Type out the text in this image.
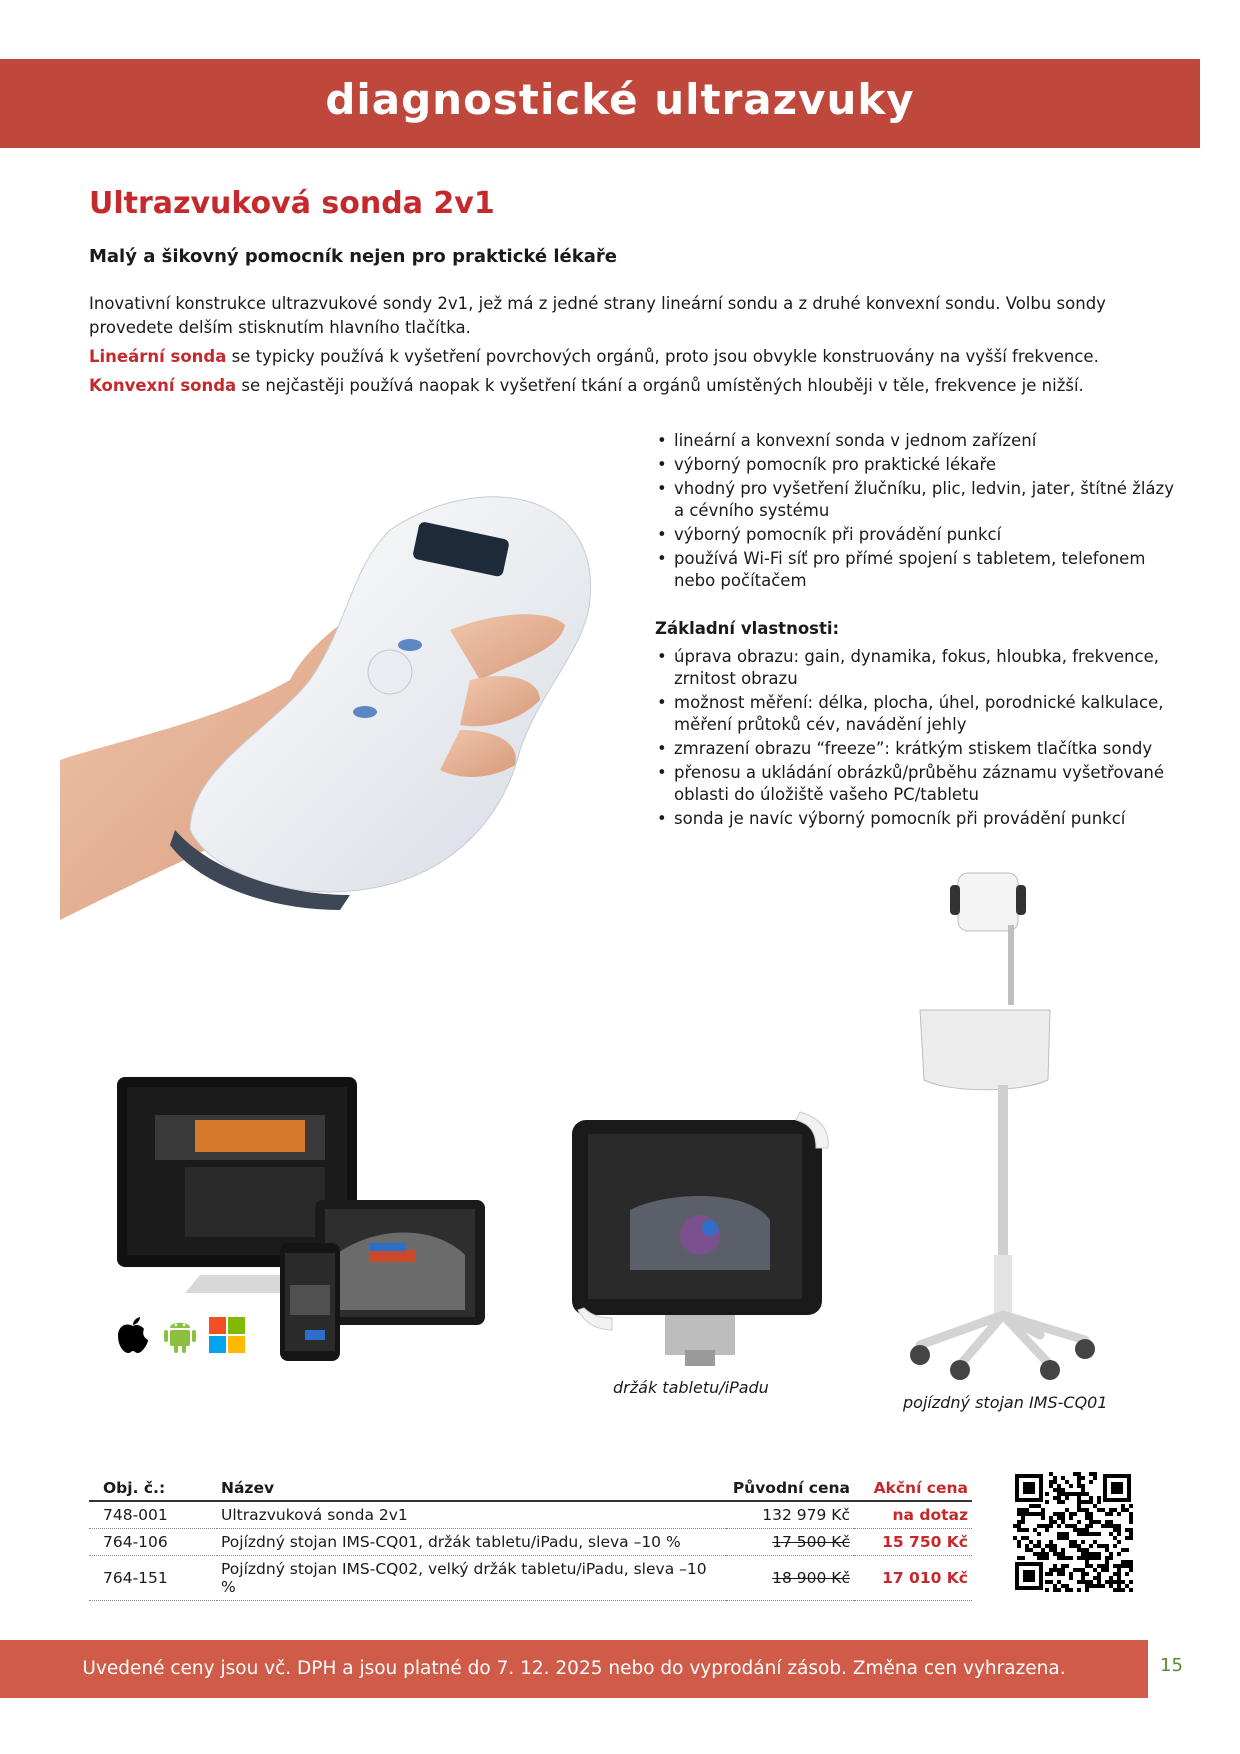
diagnostické ultrazvuky
Ultrazvuková sonda 2v1
Malý a šikovný pomocník nejen pro praktické lékaře

Inovativní konstrukce ultrazvukové sondy 2v1, jež má z jedné strany lineární sondu a z druhé konvexní sondu. Volbu sondy provedete delším stisknutím hlavního tlačítka.

Lineární sonda se typicky používá k vyšetření povrchových orgánů, proto jsou obvykle konstruovány na vyšší frekvence.

Konvexní sonda se nejčastěji používá naopak k vyšetření tkání a orgánů umístěných hlouběji v těle, frekvence je nižší.

• lineární a konvexní sonda v jednom zařízení
• výborný pomocník pro praktické lékaře
• vhodný pro vyšetření žlučníku, plic, ledvin, jater, štítné žlázy a cévního systému
• výborný pomocník při provádění punkcí
• používá Wi-Fi síť pro přímé spojení s tabletem, telefonem nebo počítačem
Základní vlastnosti:
• úprava obrazu: gain, dynamika, fokus, hloubka, frekvence, zrnitost obrazu
• možnost měření: délka, plocha, úhel, porodnické kalkulace, měření průtoků cév, navádění jehly
• zmrazení obrazu “freeze”: krátkým stiskem tlačítka sondy
• přenosu a ukládání obrázků/průběhu záznamu vyšetřované oblasti do úložiště vašeho PC/tabletu
• sonda je navíc výborný pomocník při provádění punkcí
držák tabletu/iPadu
pojízdný stojan IMS-CQ01
Obj. č.:	Název	Původní cena	Akční cena
748-001	Ultrazvuková sonda 2v1	132 979 Kč	na dotaz
764-106	Pojízdný stojan IMS-CQ01, držák tabletu/iPadu, sleva –10 %	17 500 Kč	15 750 Kč
764-151	Pojízdný stojan IMS-CQ02, velký držák tabletu/iPadu, sleva –10 %	18 900 Kč	17 010 Kč
Uvedené ceny jsou vč. DPH a jsou platné do 7. 12. 2025 nebo do vyprodání zásob. Změna cen vyhrazena.	15
